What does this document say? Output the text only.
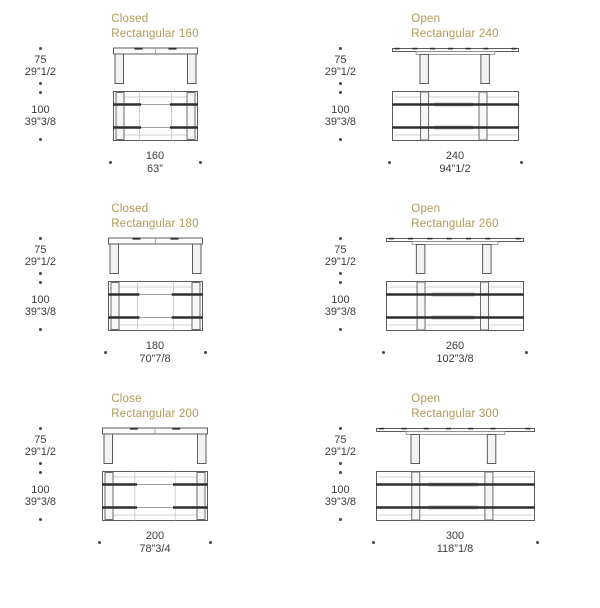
Closed
Rectangular 160
75
29”1/2
100
39”3/8
160
63”
Open
Rectangular 240
75
29”1/2
100
39”3/8
240
94”1/2
Closed
Rectangular 180
75
29”1/2
100
39”3/8
180
70”7/8
Open
Rectangular 260
75
29”1/2
100
39”3/8
260
102”3/8
Close
Rectangular 200
75
29”1/2
100
39”3/8
200
78”3/4
Open
Rectangular 300
75
29”1/2
100
39”3/8
300
118”1/8
